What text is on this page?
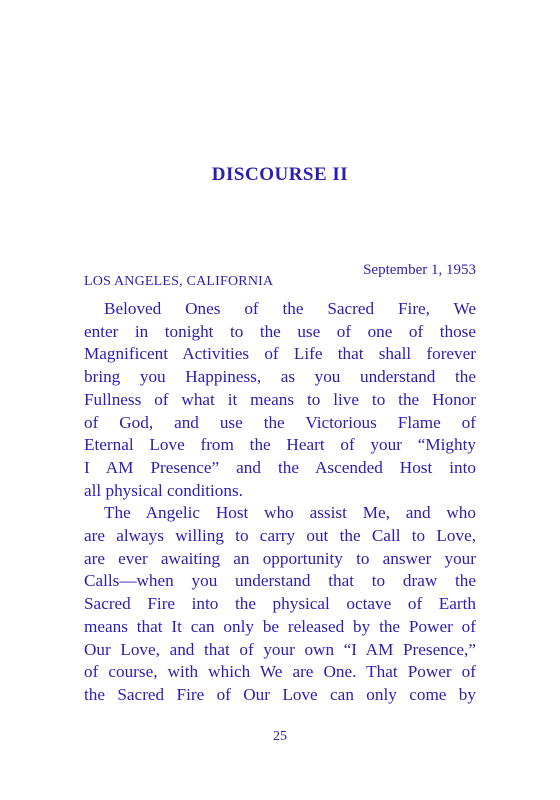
DISCOURSE II
September 1, 1953
LOS ANGELES, CALIFORNIA
Beloved Ones of the Sacred Fire, We
enter in tonight to the use of one of those
Magnificent Activities of Life that shall forever
bring you Happiness, as you understand the
Fullness of what it means to live to the Honor
of God, and use the Victorious Flame of
Eternal Love from the Heart of your “Mighty
I AM Presence” and the Ascended Host into
all physical conditions.
The Angelic Host who assist Me, and who
are always willing to carry out the Call to Love,
are ever awaiting an opportunity to answer your
Calls—when you understand that to draw the
Sacred Fire into the physical octave of Earth
means that It can only be released by the Power of
Our Love, and that of your own “I AM Presence,”
of course, with which We are One. That Power of
the Sacred Fire of Our Love can only come by
25
